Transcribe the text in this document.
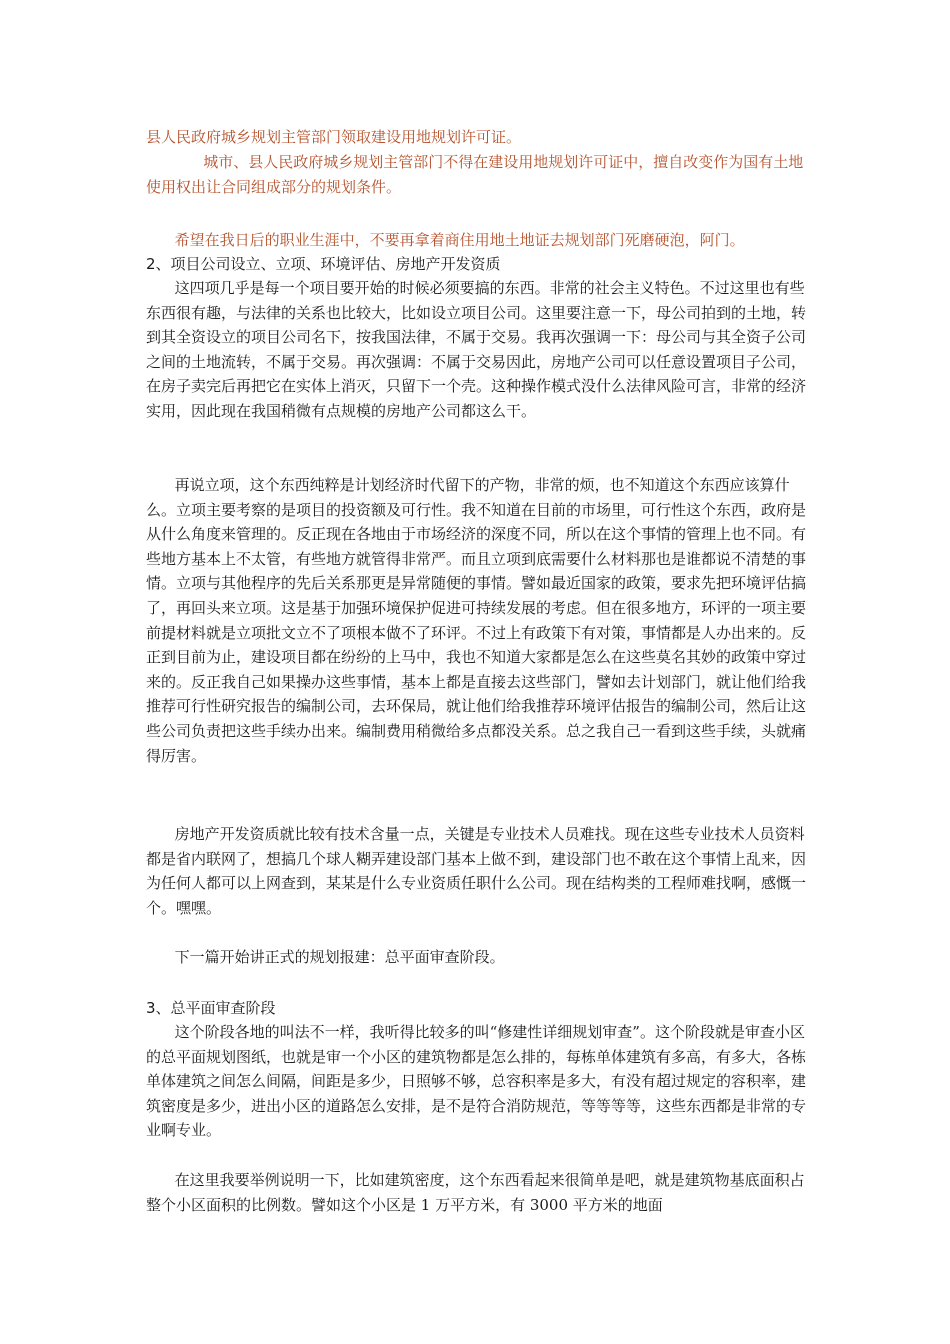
县人民政府城乡规划主管部门领取建设用地规划许可证。
城市、县人民政府城乡规划主管部门不得在建设用地规划许可证中，擅自改变作为国有土地使用权出让合同组成部分的规划条件。
希望在我日后的职业生涯中，不要再拿着商住用地土地证去规划部门死磨硬泡，阿门。
2、项目公司设立、立项、环境评估、房地产开发资质
这四项几乎是每一个项目要开始的时候必须要搞的东西。非常的社会主义特色。不过这里也有些东西很有趣，与法律的关系也比较大，比如设立项目公司。这里要注意一下，母公司拍到的土地，转到其全资设立的项目公司名下，按我国法律，不属于交易。我再次强调一下：母公司与其全资子公司之间的土地流转，不属于交易。再次强调：不属于交易因此，房地产公司可以任意设置项目子公司，在房子卖完后再把它在实体上消灭，只留下一个壳。这种操作模式没什么法律风险可言，非常的经济实用，因此现在我国稍微有点规模的房地产公司都这么干。
再说立项，这个东西纯粹是计划经济时代留下的产物，非常的烦，也不知道这个东西应该算什么。立项主要考察的是项目的投资额及可行性。我不知道在目前的市场里，可行性这个东西，政府是从什么角度来管理的。反正现在各地由于市场经济的深度不同，所以在这个事情的管理上也不同。有些地方基本上不太管，有些地方就管得非常严。而且立项到底需要什么材料那也是谁都说不清楚的事情。立项与其他程序的先后关系那更是异常随便的事情。譬如最近国家的政策，要求先把环境评估搞了，再回头来立项。这是基于加强环境保护促进可持续发展的考虑。但在很多地方，环评的一项主要前提材料就是立项批文立不了项根本做不了环评。不过上有政策下有对策，事情都是人办出来的。反正到目前为止，建设项目都在纷纷的上马中，我也不知道大家都是怎么在这些莫名其妙的政策中穿过来的。反正我自己如果操办这些事情，基本上都是直接去这些部门，譬如去计划部门，就让他们给我推荐可行性研究报告的编制公司，去环保局，就让他们给我推荐环境评估报告的编制公司，然后让这些公司负责把这些手续办出来。编制费用稍微给多点都没关系。总之我自己一看到这些手续，头就痛得厉害。
房地产开发资质就比较有技术含量一点，关键是专业技术人员难找。现在这些专业技术人员资料都是省内联网了，想搞几个球人糊弄建设部门基本上做不到，建设部门也不敢在这个事情上乱来，因为任何人都可以上网查到，某某是什么专业资质任职什么公司。现在结构类的工程师难找啊，感慨一个。嘿嘿。
下一篇开始讲正式的规划报建：总平面审查阶段。
3、总平面审查阶段
这个阶段各地的叫法不一样，我听得比较多的叫“修建性详细规划审查”。这个阶段就是审查小区的总平面规划图纸，也就是审一个小区的建筑物都是怎么排的，每栋单体建筑有多高，有多大，各栋单体建筑之间怎么间隔，间距是多少，日照够不够，总容积率是多大，有没有超过规定的容积率，建筑密度是多少，进出小区的道路怎么安排，是不是符合消防规范，等等等等，这些东西都是非常的专业啊专业。
在这里我要举例说明一下，比如建筑密度，这个东西看起来很简单是吧，就是建筑物基底面积占整个小区面积的比例数。譬如这个小区是 1 万平方米，有 3000 平方米的地面
